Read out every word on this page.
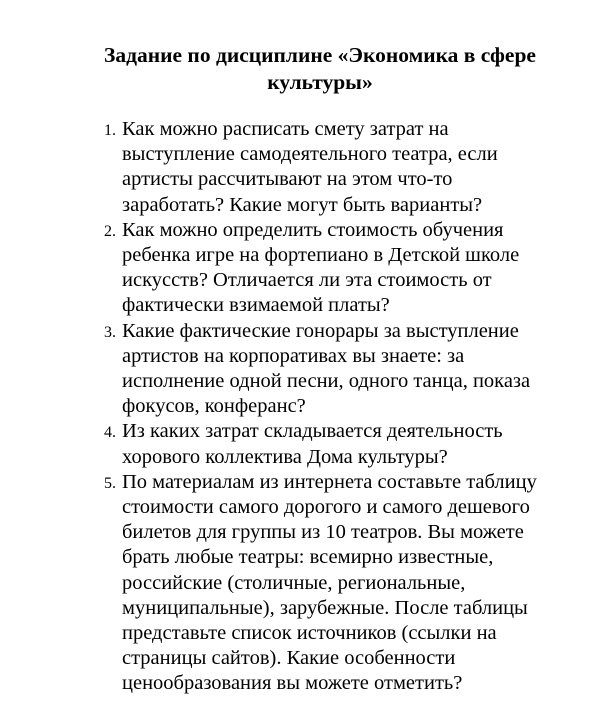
Задание по дисциплине «Экономика в сфере
культуры»
1. Как можно расписать смету затрат на
выступление самодеятельного театра, если
артисты рассчитывают на этом что-то
заработать? Какие могут быть варианты?
2. Как можно определить стоимость обучения
ребенка игре на фортепиано в Детской школе
искусств? Отличается ли эта стоимость от
фактически взимаемой платы?
3. Какие фактические гонорары за выступление
артистов на корпоративах вы знаете: за
исполнение одной песни, одного танца, показа
фокусов, конферанс?
4. Из каких затрат складывается деятельность
хорового коллектива Дома культуры?
5. По материалам из интернета составьте таблицу
стоимости самого дорогого и самого дешевого
билетов для группы из 10 театров. Вы можете
брать любые театры: всемирно известные,
российские (столичные, региональные,
муниципальные), зарубежные. После таблицы
представьте список источников (ссылки на
страницы сайтов). Какие особенности
ценообразования вы можете отметить?
